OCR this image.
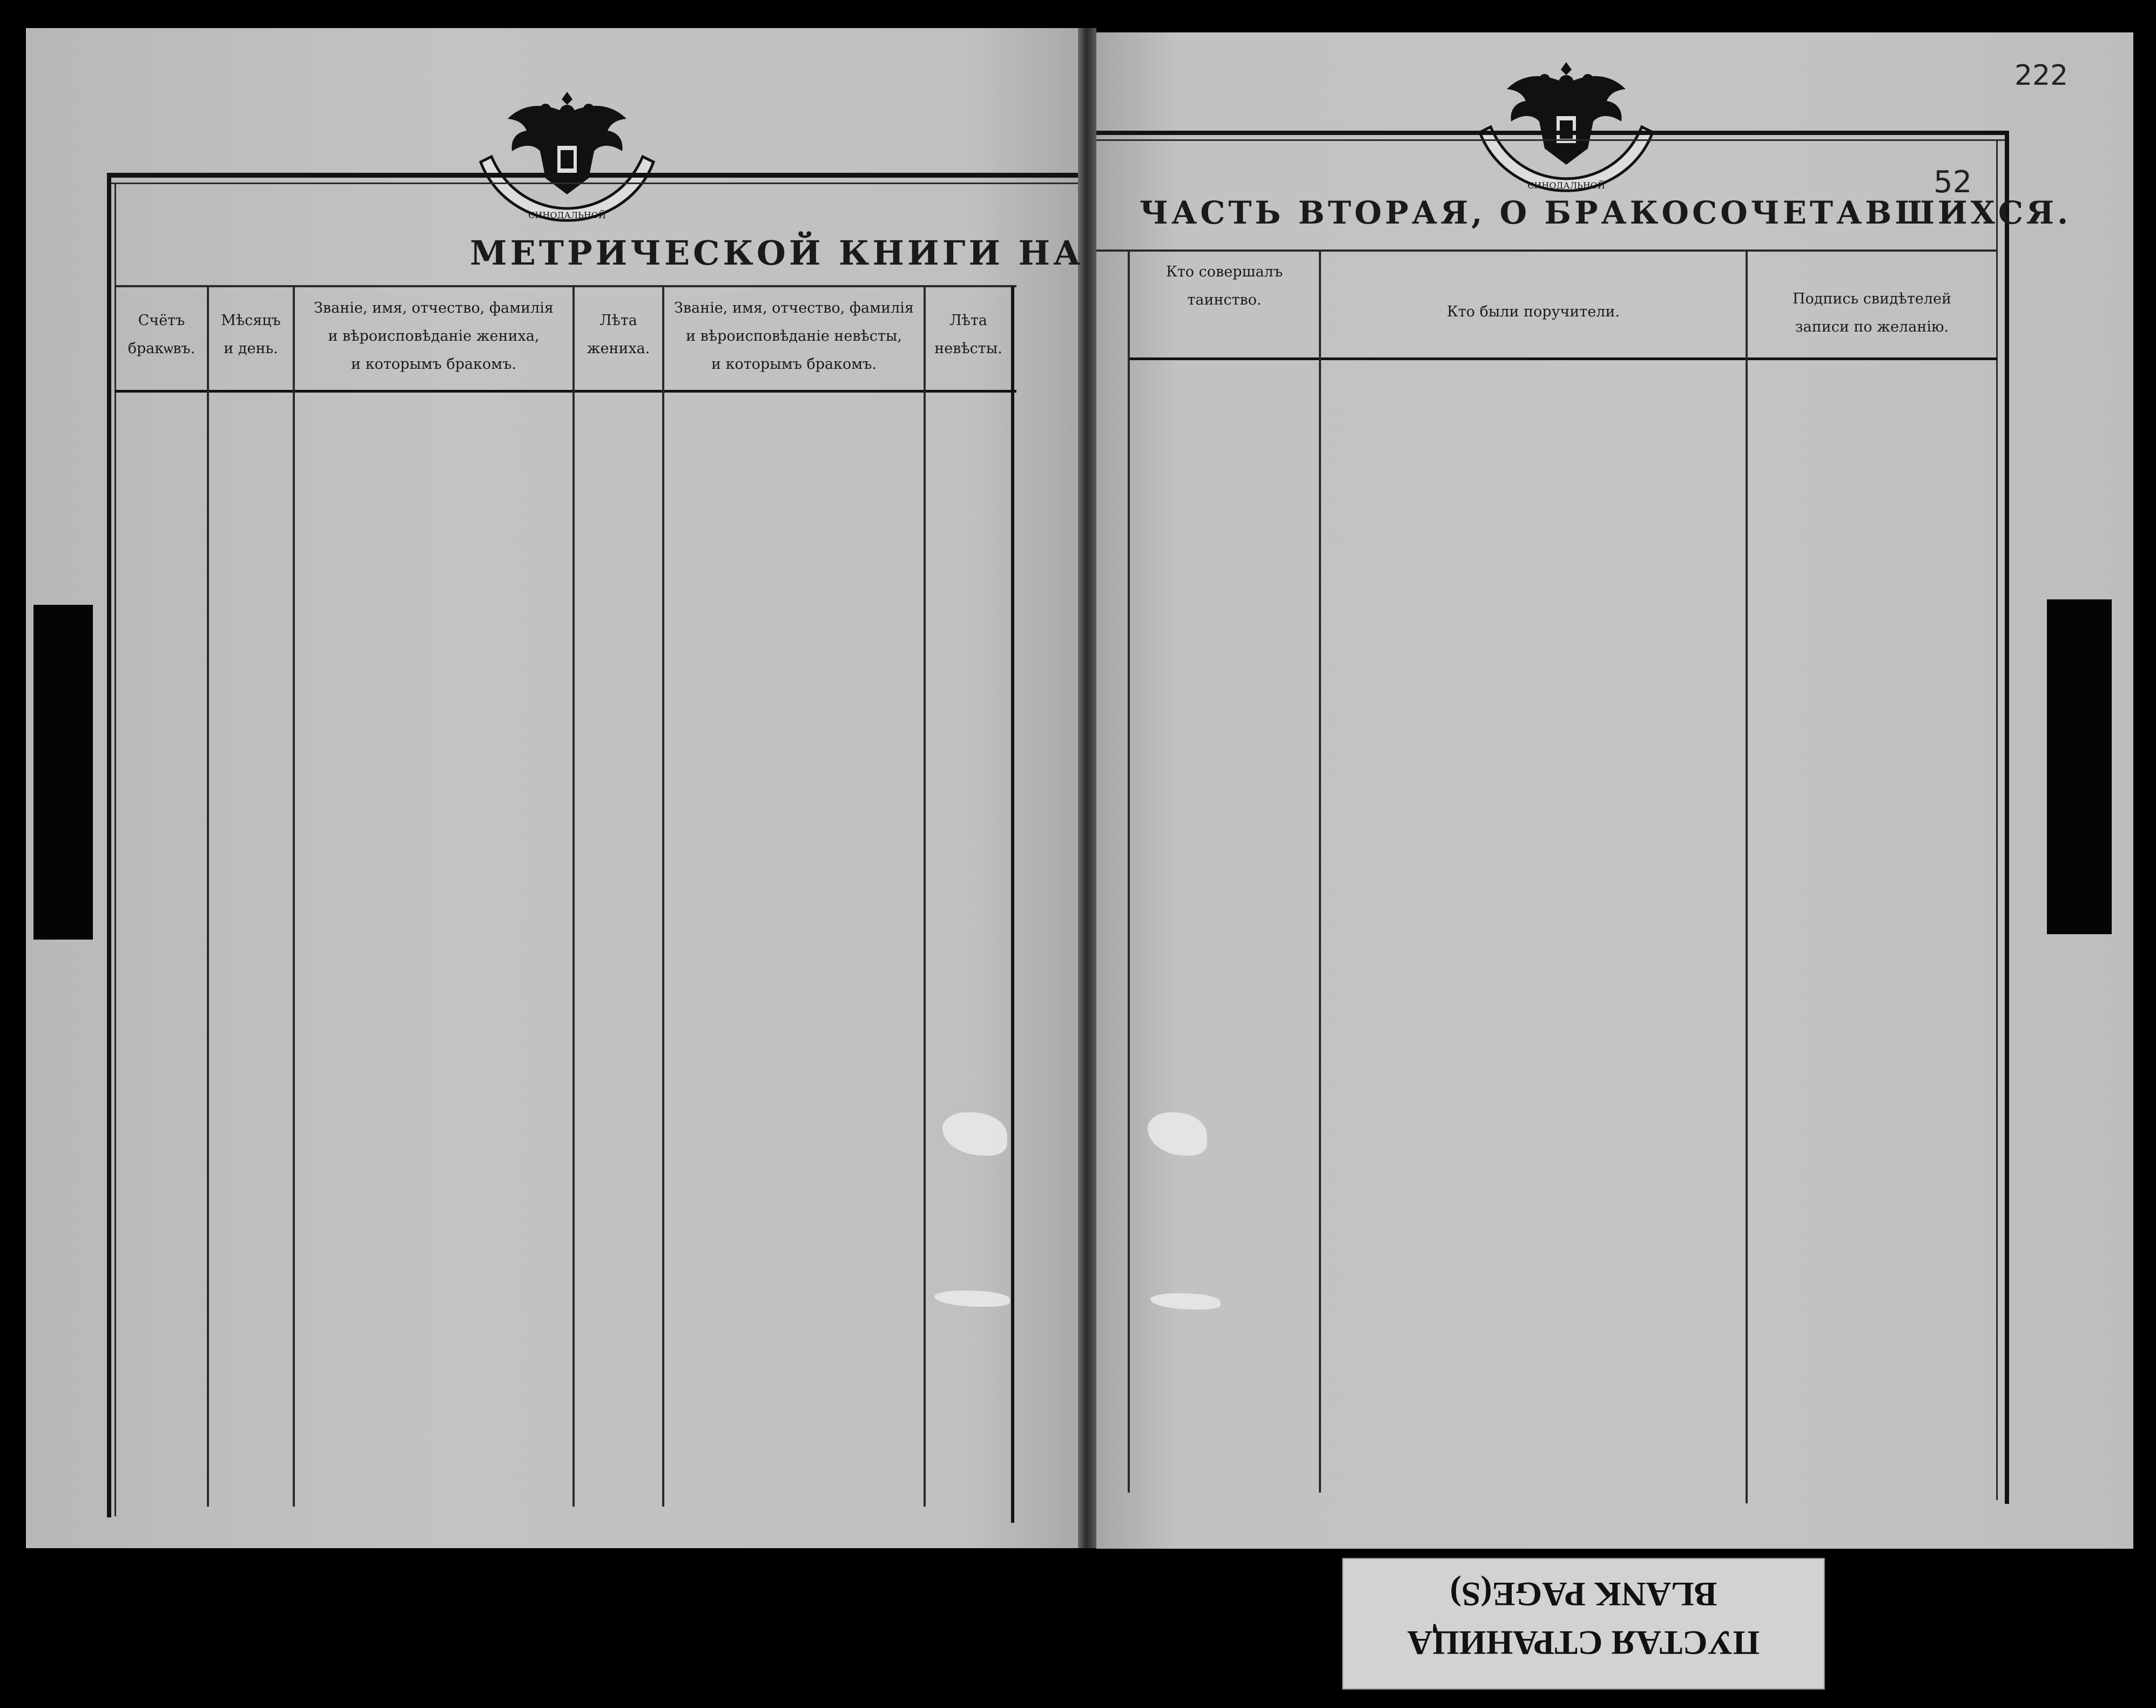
СИНОДАЛЬНОЙ
МЕТРИЧЕСКОЙ КНИГИ НА
Счётъ
бракѡвъ.
Мѣсяцъ
и день.
Званіе, имя, отчество, фамилія
и вѣроисповѣданіе жениха,
и которымъ бракомъ.
Лѣта
жениха.
Званіе, имя, отчество, фамилія
и вѣроисповѣданіе невѣсты,
и которымъ бракомъ.
Лѣта
невѣсты.
СИНОДАЛЬНОЙ
222
52
ЧАСТЬ ВТОРАЯ, О БРАКОСОЧЕТАВШИХСЯ.
Кто совершалъ
таинство.
Кто были поручители.
Подпись свидѣтелей
записи по желанію.
BLANK PAGE(S)
ПУСТАЯ СТРАНИЦА
